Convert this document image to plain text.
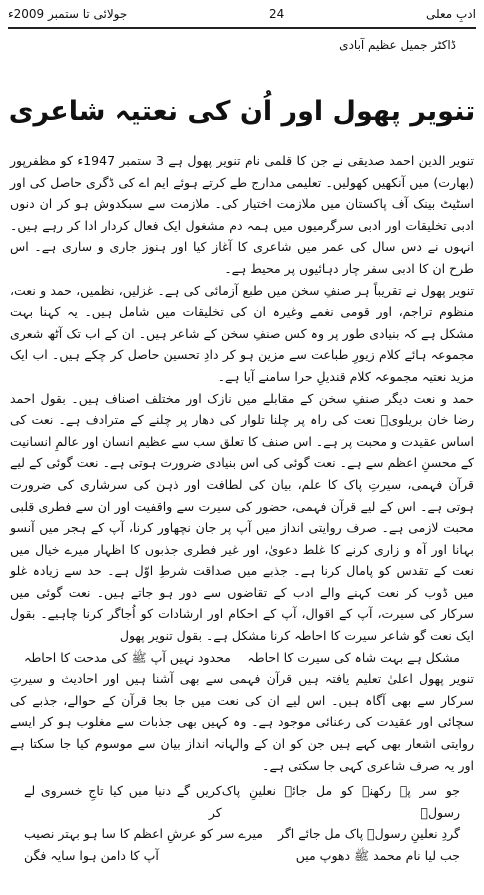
جولائی تا ستمبر 2009ء	24	ادبِ معلی
ڈاکٹر جمیل عظیم آبادی
تنویر پھول اور اُن کی نعتیہ شاعری

تنویر الدین احمد صدیقی نے جن کا قلمی نام تنویر پھول ہے 3 ستمبر 1947ء کو مظفرپور (بھارت) میں آنکھیں کھولیں۔ تعلیمی مدارج طے کرتے ہوئے ایم اے کی ڈگری حاصل کی اور اسٹیٹ بینک آف پاکستان میں ملازمت اختیار کی۔ ملازمت سے سبکدوش ہو کر ان دنوں ادبی تخلیقات اور ادبی سرگرمیوں میں ہمہ دم مشغول ایک فعال کردار ادا کر رہے ہیں۔ انہوں نے دس سال کی عمر میں شاعری کا آغاز کیا اور ہنوز جاری و ساری ہے۔ اس طرح ان کا ادبی سفر چار دہائیوں پر محیط ہے۔

تنویر پھول نے تقریباً ہر صنفِ سخن میں طبع آزمائی کی ہے۔ غزلیں، نظمیں، حمد و نعت، منظوم تراجم، اور قومی نغمے وغیرہ ان کی تخلیقات میں شامل ہیں۔ یہ کہنا بہت مشکل ہے کہ بنیادی طور پر وہ کس صنفِ سخن کے شاعر ہیں۔ ان کے اب تک آٹھ شعری مجموعہ ہائے کلام زیورِ طباعت سے مزین ہو کر دادِ تحسین حاصل کر چکے ہیں۔ اب ایک مزید نعتیہ مجموعہ کلام قندیلِ حرا سامنے آیا ہے۔

حمد و نعت دیگر صنفِ سخن کے مقابلے میں نازک اور مختلف اصناف ہیں۔ بقول احمد رضا خان بریلویؒ نعت کی راہ پر چلنا تلوار کی دھار پر چلنے کے مترادف ہے۔ نعت کی اساس عقیدت و محبت پر ہے۔ اس صنف کا تعلق سب سے عظیم انسان اور عالمِ انسانیت کے محسنِ اعظم سے ہے۔ نعت گوئی کی اس بنیادی ضرورت ہوتی ہے۔ نعت گوئی کے لیے قرآن فہمی، سیرتِ پاک کا علم، بیان کی لطافت اور ذہن کی سرشاری کی ضرورت ہوتی ہے۔ اس کے لیے قرآن فہمی، حضور کی سیرت سے واقفیت اور ان سے فطری قلبی محبت لازمی ہے۔ صرف روایتی انداز میں آپ پر جان نچھاور کرنا، آپ کے ہجر میں آنسو بہانا اور آہ و زاری کرنے کا غلط دعویٰ، اور غیر فطری جذبوں کا اظہار میرے خیال میں نعت کے تقدس کو پامال کرنا ہے۔ جذبے میں صداقت شرطِ اوّل ہے۔ حد سے زیادہ غلو میں ڈوب کر نعت کہنے والے ادب کے تقاضوں سے دور ہو جاتے ہیں۔ نعت گوئی میں سرکار کی سیرت، آپ کے اقوال، آپ کے احکام اور ارشادات کو اُجاگر کرنا چاہیے۔ بقول ایک نعت گو شاعر سیرت کا احاطہ کرنا مشکل ہے۔ بقول تنویر پھول

مشکل ہے بہت شاہ کی سیرت کا احاطہ
محدود نہیں آپ ﷺ کی مدحت کا احاطہ

تنویر پھول اعلیٰ تعلیم یافتہ ہیں قرآن فہمی سے بھی آشنا ہیں اور احادیث و سیرتِ سرکار سے بھی آگاہ ہیں۔ اس لیے ان کی نعت میں جا بجا قرآن کے حوالے، جذبے کی سچائی اور عقیدت کی رعنائی موجود ہے۔ وہ کہیں بھی جذبات سے مغلوب ہو کر ایسے روایتی اشعار بھی کہے ہیں جن کو ان کے والہانہ انداز بیان سے موسوم کیا جا سکتا ہے اور یہ صرف شاعری کہی جا سکتی ہے۔

جو سر پہ رکھنے کو مل جائے نعلینِ پاک رسولؐ
کریں گے دنیا میں کیا تاجِ خسروی لے کر
گردِ نعلینِ رسولؐ پاک مل جائے اگر
میرے سر کو عرشِ اعظم کا سا ہو بہتر نصیب
جب لیا نام محمد ﷺ دھوپ میں
آپ کا دامن ہوا سایہ فگن
